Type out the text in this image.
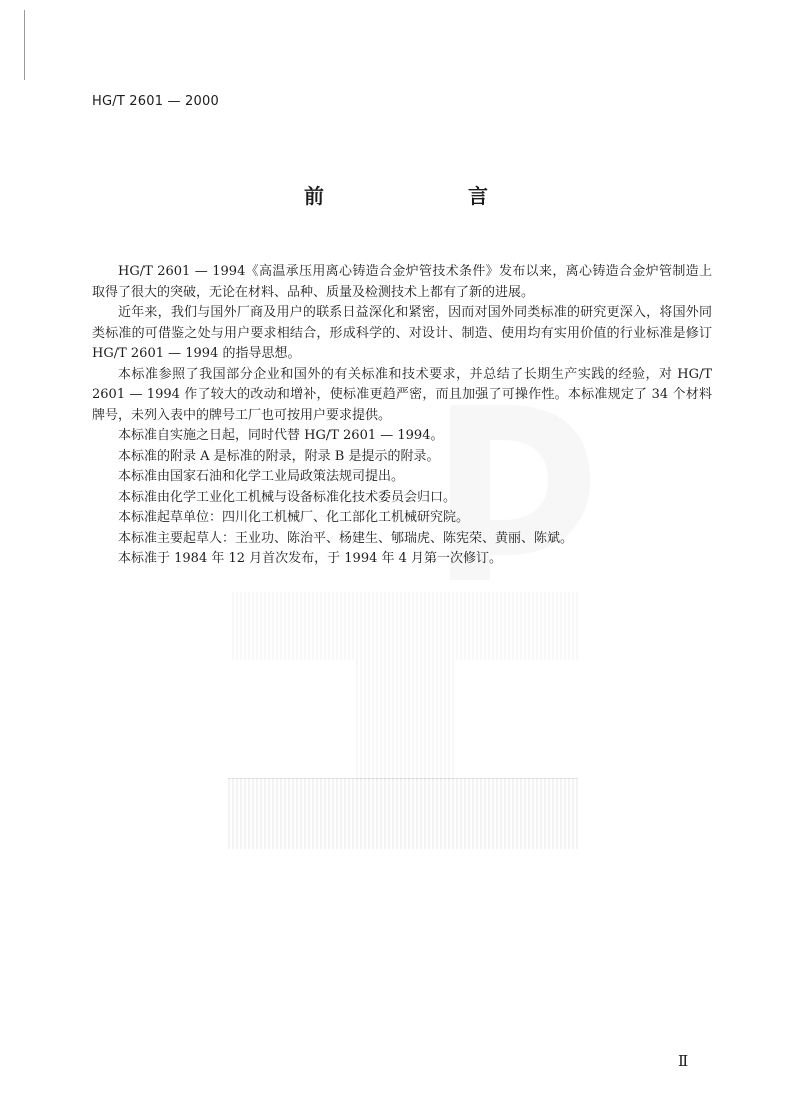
HG/T 2601 — 2000
前　言

HG/T 2601 — 1994《高温承压用离心铸造合金炉管技术条件》发布以来，离心铸造合金炉管制造上取得了很大的突破，无论在材料、品种、质量及检测技术上都有了新的进展。

近年来，我们与国外厂商及用户的联系日益深化和紧密，因而对国外同类标准的研究更深入，将国外同类标准的可借鉴之处与用户要求相结合，形成科学的、对设计、制造、使用均有实用价值的行业标准是修订 HG/T 2601 — 1994 的指导思想。

本标准参照了我国部分企业和国外的有关标准和技术要求，并总结了长期生产实践的经验，对 HG/T 2601 — 1994 作了较大的改动和增补，使标准更趋严密，而且加强了可操作性。本标准规定了 34 个材料牌号，未列入表中的牌号工厂也可按用户要求提供。

本标准自实施之日起，同时代替 HG/T 2601 — 1994。

本标准的附录 A 是标准的附录，附录 B 是提示的附录。

本标准由国家石油和化学工业局政策法规司提出。

本标准由化学工业化工机械与设备标准化技术委员会归口。

本标准起草单位：四川化工机械厂、化工部化工机械研究院。

本标准主要起草人：王业功、陈治平、杨建生、郇瑞虎、陈宪荣、黄丽、陈斌。

本标准于 1984 年 12 月首次发布，于 1994 年 4 月第一次修订。

Ⅱ
